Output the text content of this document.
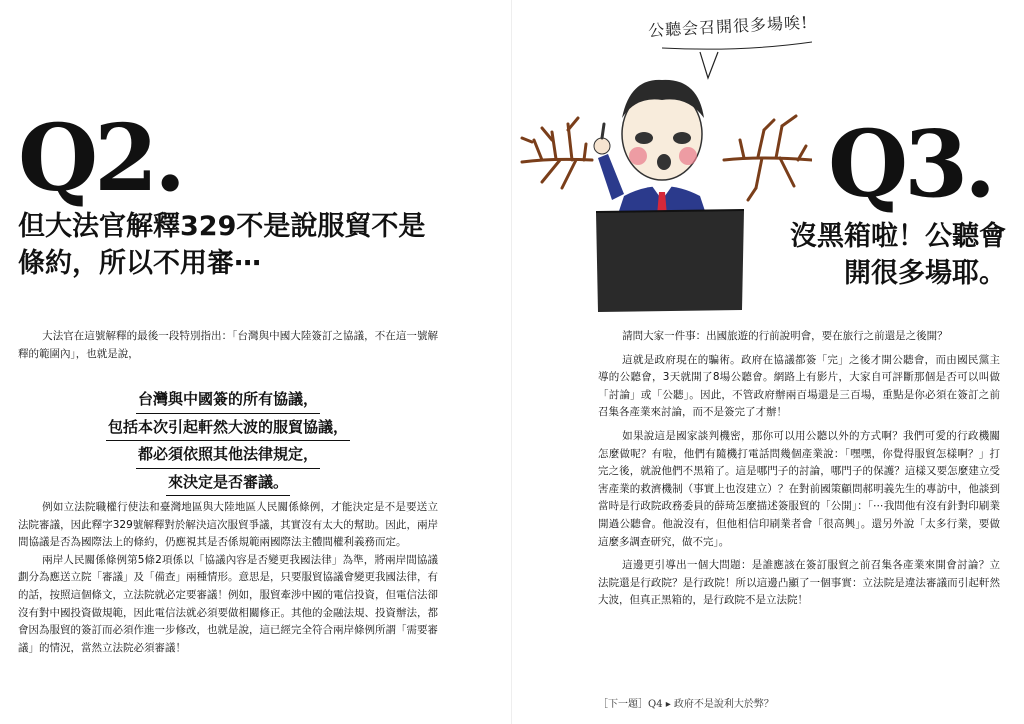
Q2.
但大法官解釋329不是說服貿不是條約，所以不用審⋯

大法官在這號解釋的最後一段特別指出：「台灣與中國大陸簽訂之協議，不在這一號解釋的範圍內」，也就是說，

台灣與中國簽的所有協議，
包括本次引起軒然大波的服貿協議，
都必須依照其他法律規定，
來決定是否審議。

例如立法院職權行使法和臺灣地區與大陸地區人民關係條例，才能決定是不是要送立法院審議，因此釋字329號解釋對於解決這次服貿爭議，其實沒有太大的幫助。因此，兩岸間協議是否為國際法上的條約，仍應視其是否係規範兩國際法主體間權利義務而定。

兩岸人民關係條例第5條2項係以「協議內容是否變更我國法律」為準，將兩岸間協議劃分為應送立院「審議」及「備查」兩種情形。意思是，只要服貿協議會變更我國法律，有的話，按照這個條文，立法院就必定要審議！例如，服貿牽涉中國的電信投資，但電信法卻沒有對中國投資做規範，因此電信法就必須要做相關修正。其他的金融法規、投資辦法，都會因為服貿的簽訂而必須作進一步修改，也就是說，這已經完全符合兩岸條例所謂「需要審議」的情況，當然立法院必須審議！

公聽会召開很多場唉!
Q3.
沒黑箱啦！公聽會
開很多場耶。

請問大家一件事：出國旅遊的行前說明會，要在旅行之前還是之後開？

這就是政府現在的騙術。政府在協議都簽「完」之後才開公聽會，而由國民黨主導的公聽會，3天就開了8場公聽會。網路上有影片，大家自可評斷那個是否可以叫做「討論」或「公聽」。因此，不管政府辦兩百場還是三百場，重點是你必須在簽訂之前召集各產業來討論，而不是簽完了才辦！

如果說這是國家談判機密，那你可以用公聽以外的方式啊？我們可愛的行政機關怎麼做呢？有啦，他們有隨機打電話問幾個產業說：「嘿嘿，你覺得服貿怎樣啊？」打完之後，就說他們不黑箱了。這是哪門子的討論，哪門子的保護？這樣又要怎麼建立受害產業的救濟機制（事實上也沒建立）？在對前國策顧問郝明義先生的專訪中，他談到當時是行政院政務委員的薛琦怎麼描述簽服貿的「公開」：「⋯我問他有沒有針對印刷業開過公聽會。他說沒有，但他相信印刷業者會「很高興」。還另外說「太多行業，要做這麼多調查研究，做不完」。

這邊更引導出一個大問題：是誰應該在簽訂服貿之前召集各產業來開會討論？立法院還是行政院？是行政院！所以這邊凸顯了一個事實：立法院是違法審議而引起軒然大波，但真正黑箱的，是行政院不是立法院！

［下一題］Q4 ▸ 政府不是說利大於弊？
